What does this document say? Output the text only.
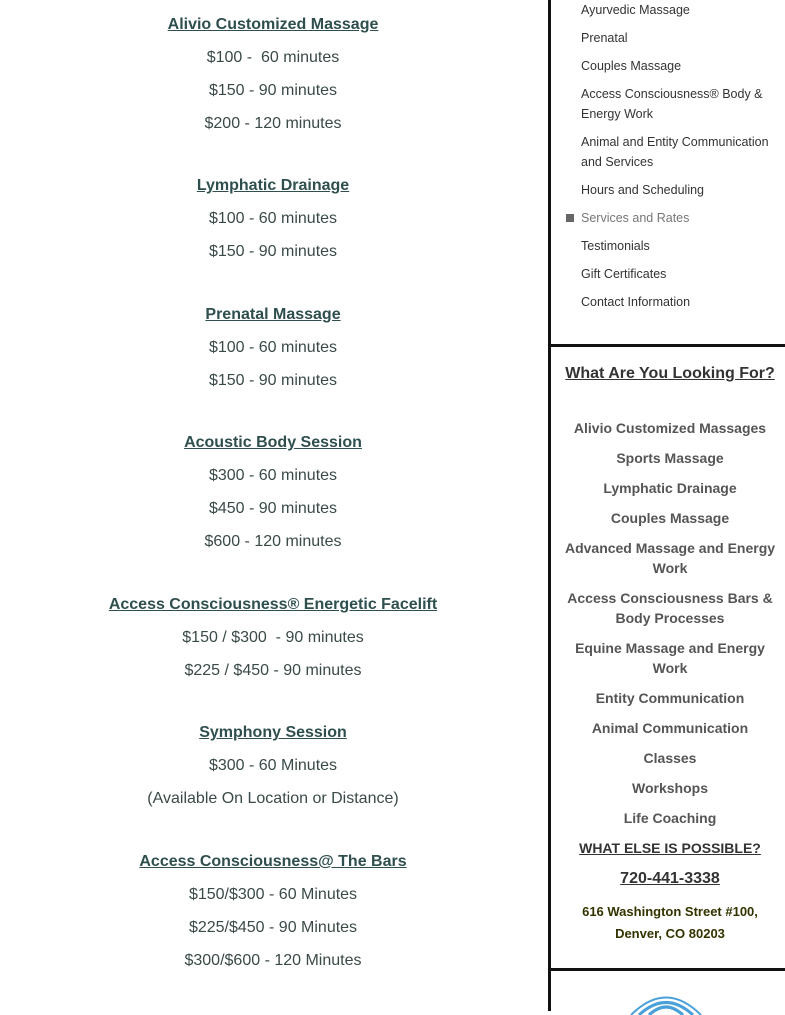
Alivio Customized Massage
$100 -  60 minutes
$150 - 90 minutes
$200 - 120 minutes
Lymphatic Drainage
$100 - 60 minutes
$150 - 90 minutes
Prenatal Massage
$100 - 60 minutes
$150 - 90 minutes
Acoustic Body Session
$300 - 60 minutes
$450 - 90 minutes
$600 - 120 minutes
Access Consciousness® Energetic Facelift
$150 / $300  - 90 minutes
$225 / $450 - 90 minutes
Symphony Session
$300 - 60 Minutes
(Available On Location or Distance)
Access Consciousness@ The Bars
$150/$300 - 60 Minutes
$225/$450 - 90 Minutes
$300/$600 - 120 Minutes
Ayurvedic Massage
Prenatal
Couples Massage
Access Consciousness® Body & Energy Work
Animal and Entity Communication and Services
Hours and Scheduling
Services and Rates
Testimonials
Gift Certificates
Contact Information
What Are You Looking For?
Alivio Customized Massages
Sports Massage
Lymphatic Drainage
Couples Massage
Advanced Massage and Energy Work
Access Consciousness Bars & Body Processes
Equine Massage and Energy Work
Entity Communication
Animal Communication
Classes
Workshops
Life Coaching
WHAT ELSE IS POSSIBLE?
720-441-3338
616 Washington Street #100,
Denver, CO 80203
